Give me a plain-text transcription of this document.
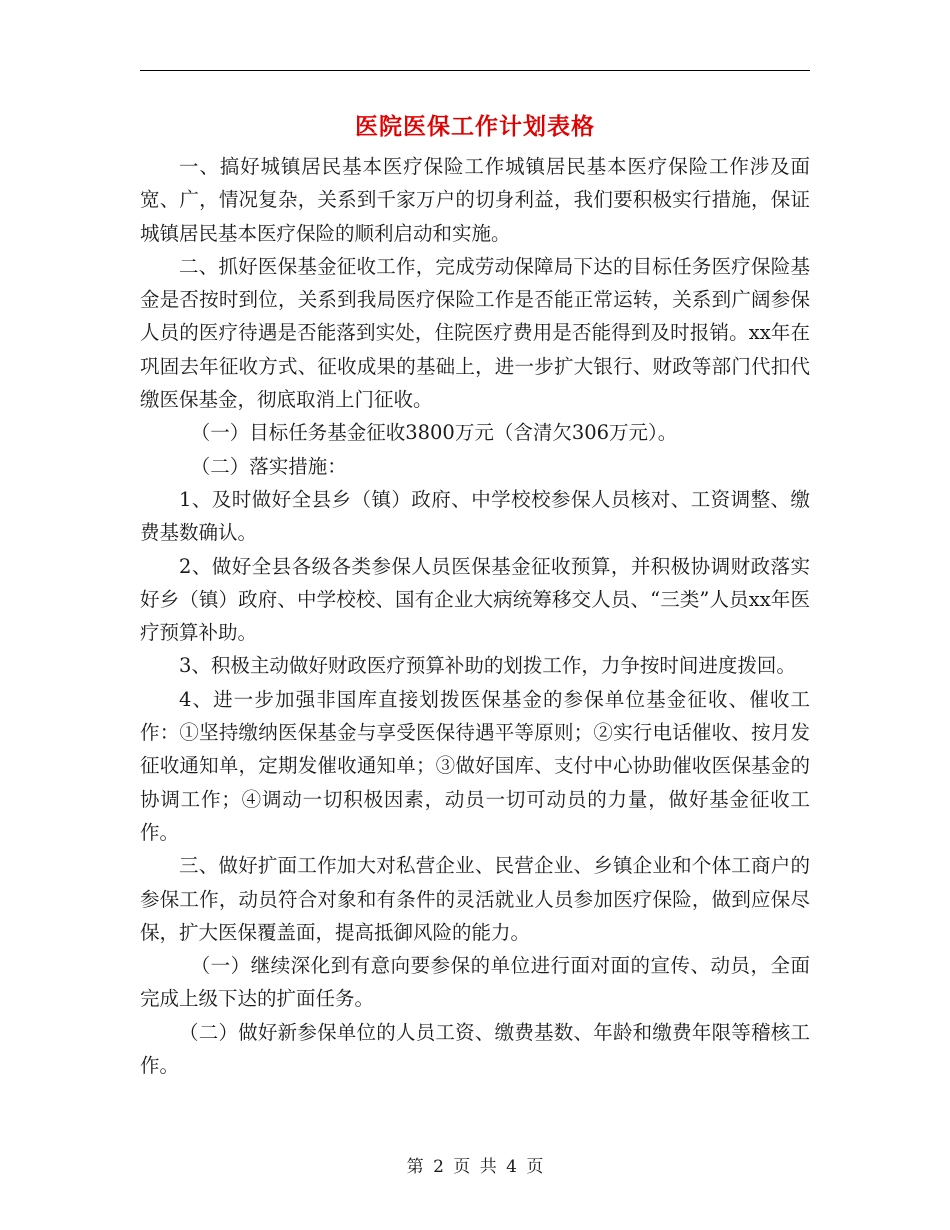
医院医保工作计划表格

一、搞好城镇居民基本医疗保险工作城镇居民基本医疗保险工作涉及面宽、广，情况复杂，关系到千家万户的切身利益，我们要积极实行措施，保证城镇居民基本医疗保险的顺利启动和实施。

二、抓好医保基金征收工作，完成劳动保障局下达的目标任务医疗保险基金是否按时到位，关系到我局医疗保险工作是否能正常运转，关系到广阔参保人员的医疗待遇是否能落到实处，住院医疗费用是否能得到及时报销。xx年在巩固去年征收方式、征收成果的基础上，进一步扩大银行、财政等部门代扣代缴医保基金，彻底取消上门征收。

（一）目标任务基金征收3800万元（含清欠306万元）。

（二）落实措施：

1、及时做好全县乡（镇）政府、中学校校参保人员核对、工资调整、缴费基数确认。

2、做好全县各级各类参保人员医保基金征收预算，并积极协调财政落实好乡（镇）政府、中学校校、国有企业大病统筹移交人员、“三类”人员xx年医疗预算补助。

3、积极主动做好财政医疗预算补助的划拨工作，力争按时间进度拨回。

4、进一步加强非国库直接划拨医保基金的参保单位基金征收、催收工作：①坚持缴纳医保基金与享受医保待遇平等原则；②实行电话催收、按月发征收通知单，定期发催收通知单；③做好国库、支付中心协助催收医保基金的协调工作；④调动一切积极因素，动员一切可动员的力量，做好基金征收工作。

三、做好扩面工作加大对私营企业、民营企业、乡镇企业和个体工商户的参保工作，动员符合对象和有条件的灵活就业人员参加医疗保险，做到应保尽保，扩大医保覆盖面，提高抵御风险的能力。

（一）继续深化到有意向要参保的单位进行面对面的宣传、动员，全面完成上级下达的扩面任务。

（二）做好新参保单位的人员工资、缴费基数、年龄和缴费年限等稽核工作。

第 2 页 共 4 页
